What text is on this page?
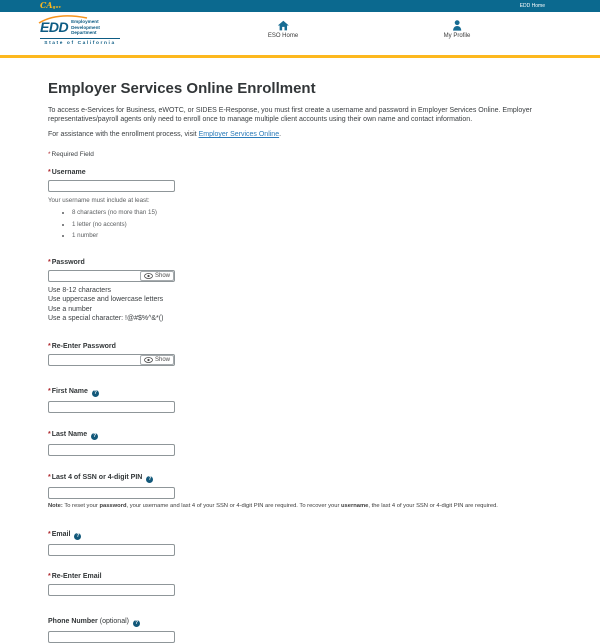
CAgov	EDD Home
EDD Employment
Development
Department
State of California
ESO Home	My Profile
Employer Services Online Enrollment

To access e-Services for Business, eWOTC, or SIDES E-Response, you must first create a username and password in Employer Services Online. Employer representatives/payroll agents only need to enroll once to manage multiple client accounts using their own name and contact information.

For assistance with the enrollment process, visit Employer Services Online.

*Required Field
*Username
Your username must include at least:
• 8 characters (no more than 15)
• 1 letter (no accents)
• 1 number
*Password
Show
Use 8-12 characters
Use uppercase and lowercase letters
Use a number
Use a special character: !@#$%^&*()
*Re-Enter Password
Show
*First Name ?
*Last Name ?
*Last 4 of SSN or 4-digit PIN ?
Note: To reset your password, your username and last 4 of your SSN or 4-digit PIN are required. To recover your username, the last 4 of your SSN or 4-digit PIN are required.
*Email ?
*Re-Enter Email
Phone Number (optional) ?
